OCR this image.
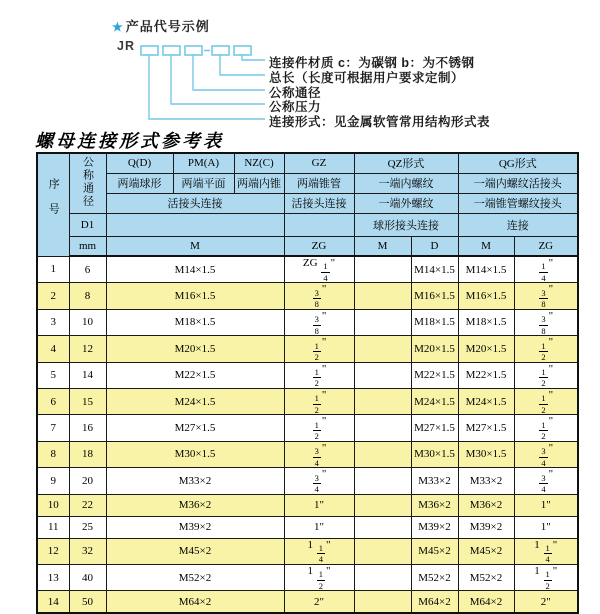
★ 产品代号示例
JR
连接件材质 c：为碳钢 b：为不锈钢
总长（长度可根据用户要求定制）
公称通径
公称压力
连接形式：见金属软管常用结构形式表
螺母连接形式参考表
序号	公称通径	Q(D)	PM(A)	NZ(C)	GZ	QZ形式		QG形式	
		两端球形	两端平面	两端内锥	两端锥管	一端内螺纹		一端内螺纹活接头	
		活接头连接			活接头连接	一端外螺纹		一端锥管螺纹接头	
	D1					球形接头连接		连接	
	mm	M			ZG	M	D	M	ZG
1	6	M14×1.5			ZG $\frac{1}{4}$ "		M14×1.5	M14×1.5	$\frac{1}{4}$ "
2	8	M16×1.5			$\frac{3}{8}$ "		M16×1.5	M16×1.5	$\frac{3}{8}$ "
3	10	M18×1.5			$\frac{3}{8}$ "		M18×1.5	M18×1.5	$\frac{3}{8}$ "
4	12	M20×1.5			$\frac{1}{2}$ "		M20×1.5	M20×1.5	$\frac{1}{2}$ "
5	14	M22×1.5			$\frac{1}{2}$ "		M22×1.5	M22×1.5	$\frac{1}{2}$ "
6	15	M24×1.5			$\frac{1}{2}$ "		M24×1.5	M24×1.5	$\frac{1}{2}$ "
7	16	M27×1.5			$\frac{1}{2}$ "		M27×1.5	M27×1.5	$\frac{1}{2}$ "
8	18	M30×1.5			$\frac{3}{4}$ "		M30×1.5	M30×1.5	$\frac{3}{4}$ "
9	20	M33×2			$\frac{3}{4}$ "		M33×2	M33×2	$\frac{3}{4}$ "
10	22	M36×2			1"		M36×2	M36×2	1"
11	25	M39×2			1"		M39×2	M39×2	1"
12	32	M45×2			$1 \frac{1}{4}$ "		M45×2	M45×2	$1 \frac{1}{4}$ "
13	40	M52×2			$1 \frac{1}{2}$ "		M52×2	M52×2	$1 \frac{1}{2}$ "
14	50	M64×2			2"		M64×2	M64×2	2"
